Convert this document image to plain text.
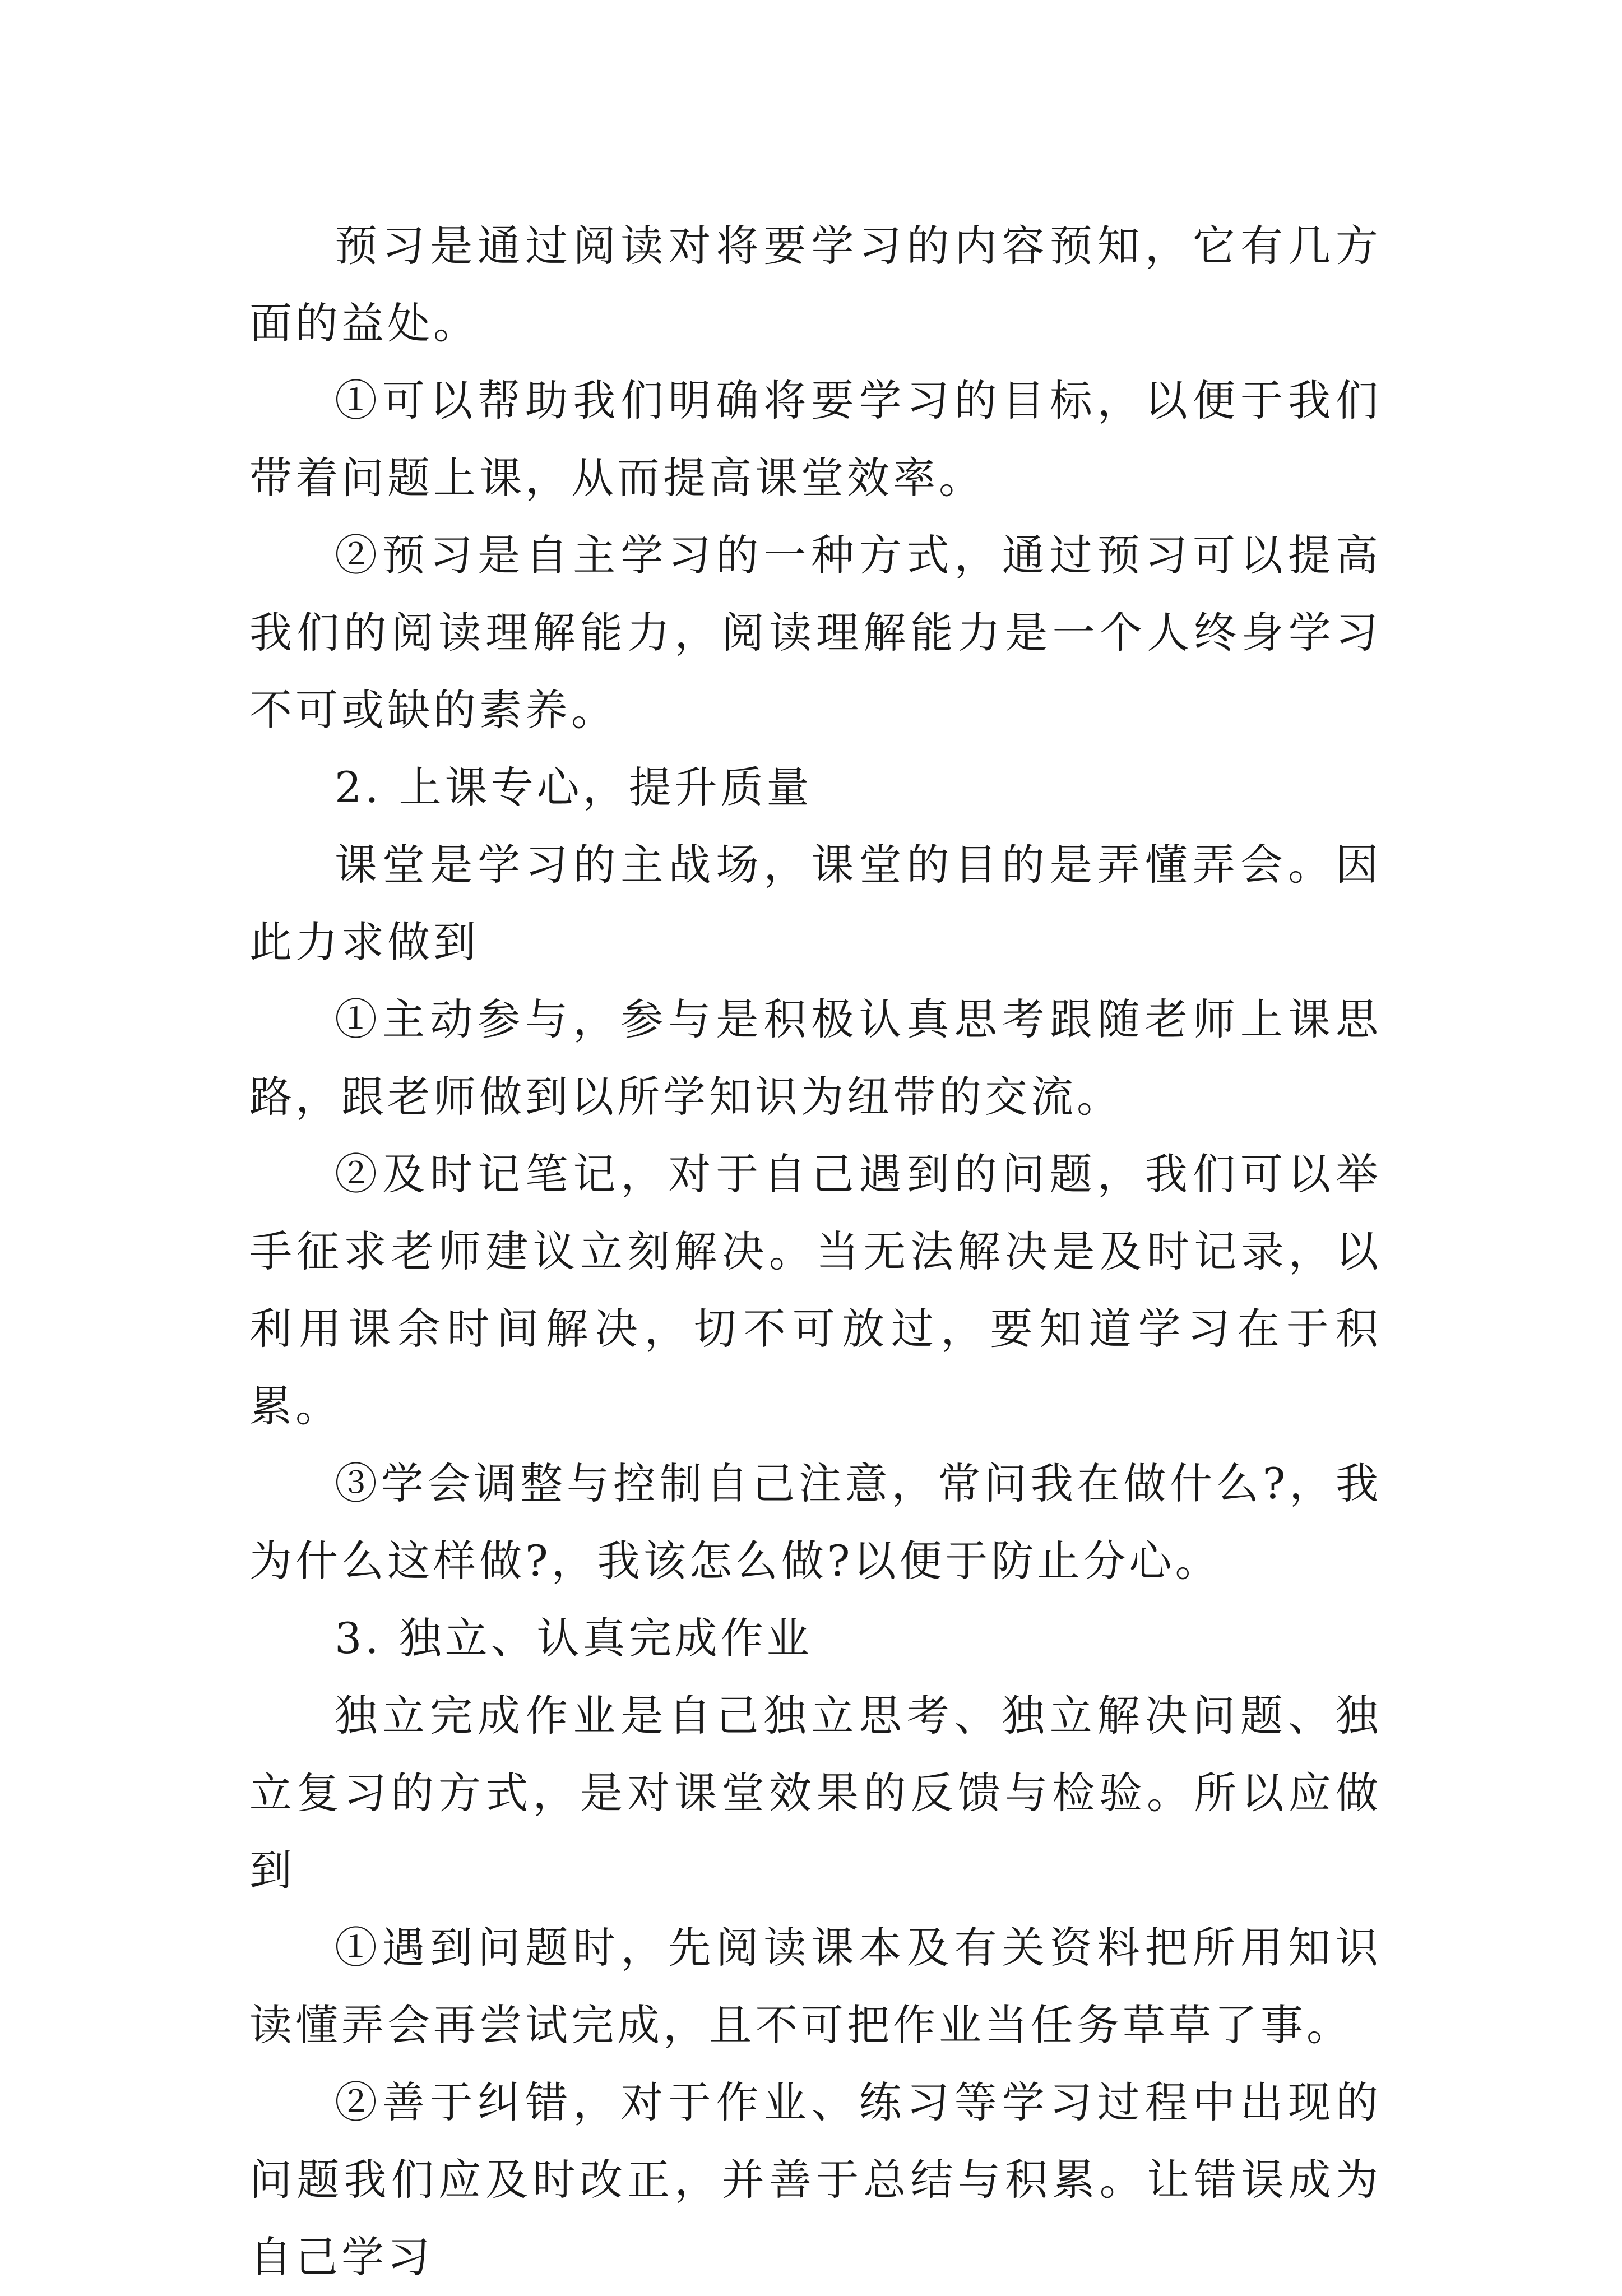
预习是通过阅读对将要学习的内容预知，它有几方面的益处。

①可以帮助我们明确将要学习的目标，以便于我们带着问题上课，从而提高课堂效率。

②预习是自主学习的一种方式，通过预习可以提高我们的阅读理解能力，阅读理解能力是一个人终身学习不可或缺的素养。

2. 上课专心，提升质量

课堂是学习的主战场，课堂的目的是弄懂弄会。因此力求做到

①主动参与，参与是积极认真思考跟随老师上课思路，跟老师做到以所学知识为纽带的交流。

②及时记笔记，对于自己遇到的问题，我们可以举手征求老师建议立刻解决。当无法解决是及时记录，以利用课余时间解决，切不可放过，要知道学习在于积累。

③学会调整与控制自己注意，常问我在做什么?，我为什么这样做?，我该怎么做?以便于防止分心。

3. 独立、认真完成作业

独立完成作业是自己独立思考、独立解决问题、独立复习的方式，是对课堂效果的反馈与检验。所以应做到

①遇到问题时，先阅读课本及有关资料把所用知识读懂弄会再尝试完成，且不可把作业当任务草草了事。

②善于纠错，对于作业、练习等学习过程中出现的问题我们应及时改正，并善于总结与积累。让错误成为自己学习
